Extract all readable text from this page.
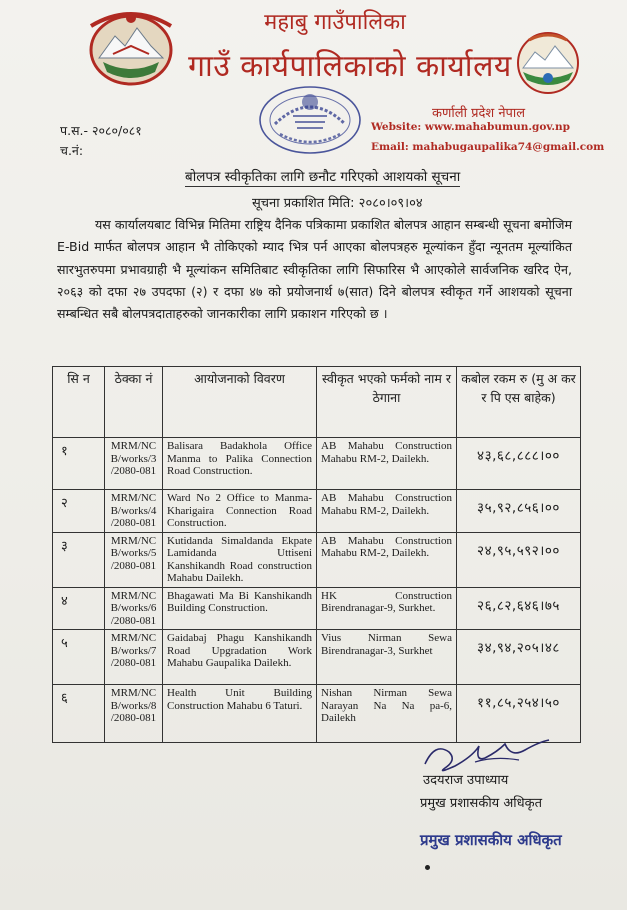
महाबु गाउँपालिका
गाउँ कार्यपालिकाको कार्यालय
कर्णाली प्रदेश नेपाल
Website: www.mahabumun.gov.np
Email: mahabugaupalika74@gmail.com
प.स.- २०८०/०८१
च.नं:
बोलपत्र स्वीकृतिका लागि छनौट गरिएको आशयको सूचना
सूचना प्रकाशित मिति: २०८०।०९।०४
यस कार्यालयबाट विभिन्न मितिमा राष्ट्रिय दैनिक पत्रिकामा प्रकाशित बोलपत्र आहान सम्बन्धी सूचना बमोजिम E-Bid मार्फत बोलपत्र आहान भै तोकिएको म्याद भित्र पर्न आएका बोलपत्रहरु मूल्यांकन हुँदा न्यूनतम मूल्यांकित सारभुतरुपमा प्रभावग्राही भै मूल्यांकन समितिबाट स्वीकृतिका लागि सिफारिस भै आएकोले सार्वजनिक खरिद ऐन, २०६३ को दफा २७ उपदफा (२) र दफा ४७ को प्रयोजनार्थ ७(सात) दिने बोलपत्र स्वीकृत गर्ने आशयको सूचना सम्बन्धित सबै बोलपत्रदाताहरुको जानकारीका लागि प्रकाशन गरिएको छ ।
सि न	ठेक्का नं	आयोजनाको विवरण	स्वीकृत भएको फर्मको नाम र ठेगाना	कबोल रकम रु (मु अ कर र पि एस बाहेक)
१	MRM/NC B/works/3 /2080-081	Balisara Badakhola Office Manma to Palika Connection Road Construction.	AB Mahabu Construction Mahabu RM-2, Dailekh.	४३,६८,८८८।००
२	MRM/NC B/works/4 /2080-081	Ward No 2 Office to Manma-Kharigaira Connection Road Construction.	AB Mahabu Construction Mahabu RM-2, Dailekh.	३५,९२,८५६।००
३	MRM/NC B/works/5 /2080-081	Kutidanda Simaldanda Ekpate Lamidanda Uttiseni Kanshikandh Road construction Mahabu Dailekh.	AB Mahabu Construction Mahabu RM-2, Dailekh.	२४,९५,५९२।००
४	MRM/NC B/works/6 /2080-081	Bhagawati Ma Bi Kanshikandh Building Construction.	HK Construction Birendranagar-9, Surkhet.	२६,८२,६४६।७५
५	MRM/NC B/works/7 /2080-081	Gaidabaj Phagu Kanshikandh Road Upgradation Work Mahabu Gaupalika Dailekh.	Vius Nirman Sewa Birendranagar-3, Surkhet	३४,९४,२०५।४८
६	MRM/NC B/works/8 /2080-081	Health Unit Building Construction Mahabu 6 Taturi.	Nishan Nirman Sewa Narayan Na Na pa-6, Dailekh	११,८५,२५४।५०
उदयराज उपाध्याय
प्रमुख प्रशासकीय अधिकृत
प्रमुख प्रशासकीय अधिकृत
